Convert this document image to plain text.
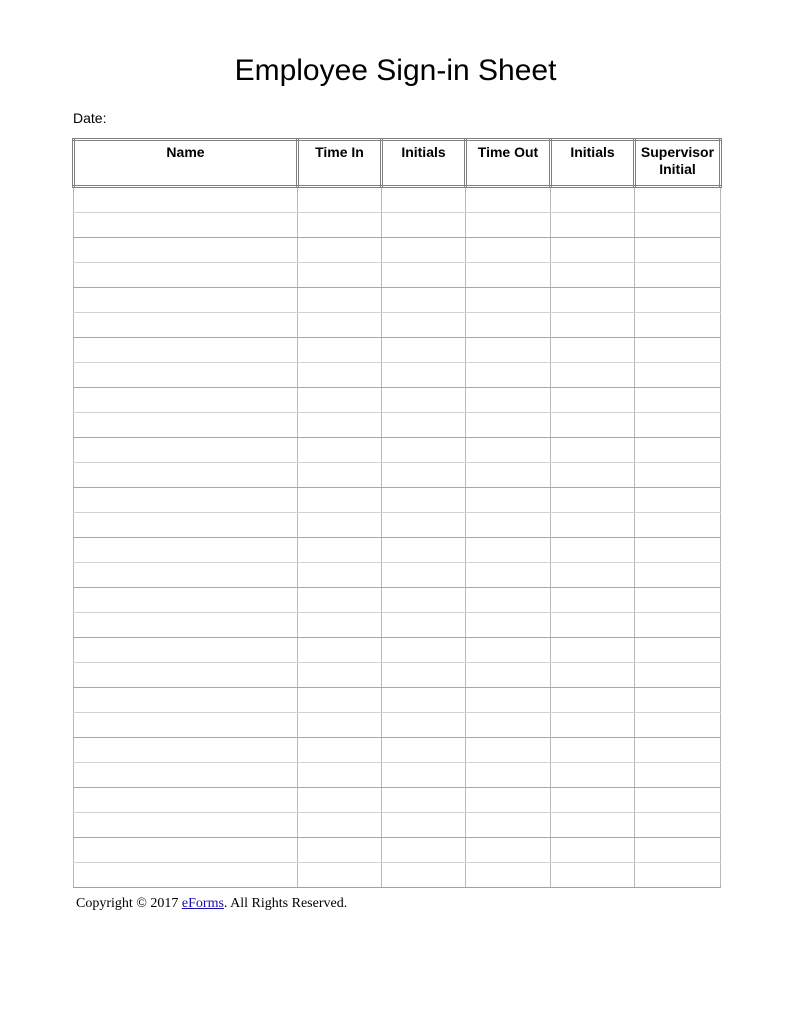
Employee Sign-in Sheet
Date:
Name	Time In	Initials	Time Out	Initials	Supervisor Initial

Copyright © 2017 eForms. All Rights Reserved.
